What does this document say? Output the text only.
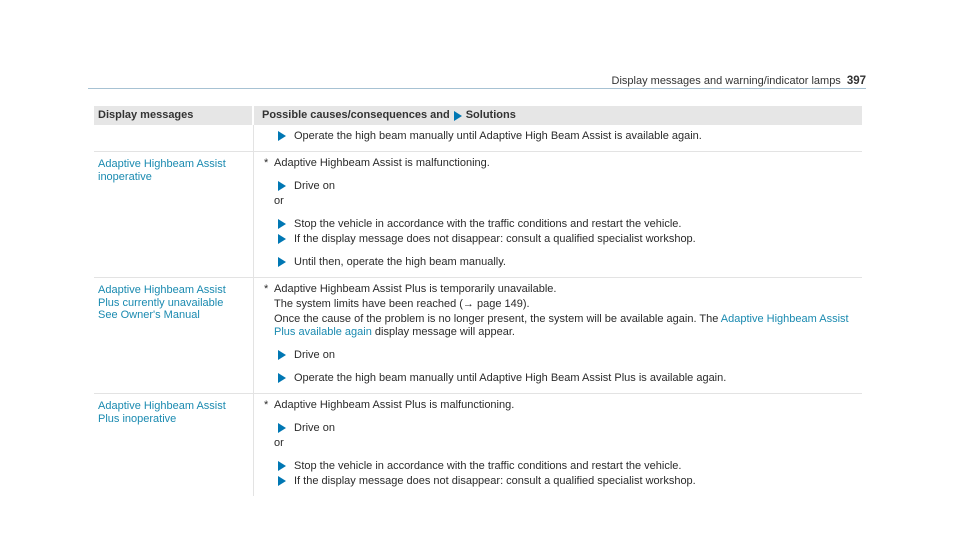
Display messages and warning/indicator lamps 397
Display messages	Possible causes/consequences and Solutions
Operate the high beam manually until Adaptive High Beam Assist is available again.
Adaptive Highbeam Assist inoperative
* Adaptive Highbeam Assist is malfunctioning.
Drive on
or
Stop the vehicle in accordance with the traffic conditions and restart the vehicle.
If the display message does not disappear: consult a qualified specialist workshop.
Until then, operate the high beam manually.
Adaptive Highbeam Assist
Plus currently unavailable
See Owner's Manual
* Adaptive Highbeam Assist Plus is temporarily unavailable.
The system limits have been reached (→ page 149).
Once the cause of the problem is no longer present, the system will be available again. The Adaptive Highbeam Assist Plus available again display message will appear.
Drive on
Operate the high beam manually until Adaptive High Beam Assist Plus is available again.
Adaptive Highbeam Assist
Plus inoperative
* Adaptive Highbeam Assist Plus is malfunctioning.
Drive on
or
Stop the vehicle in accordance with the traffic conditions and restart the vehicle.
If the display message does not disappear: consult a qualified specialist workshop.
